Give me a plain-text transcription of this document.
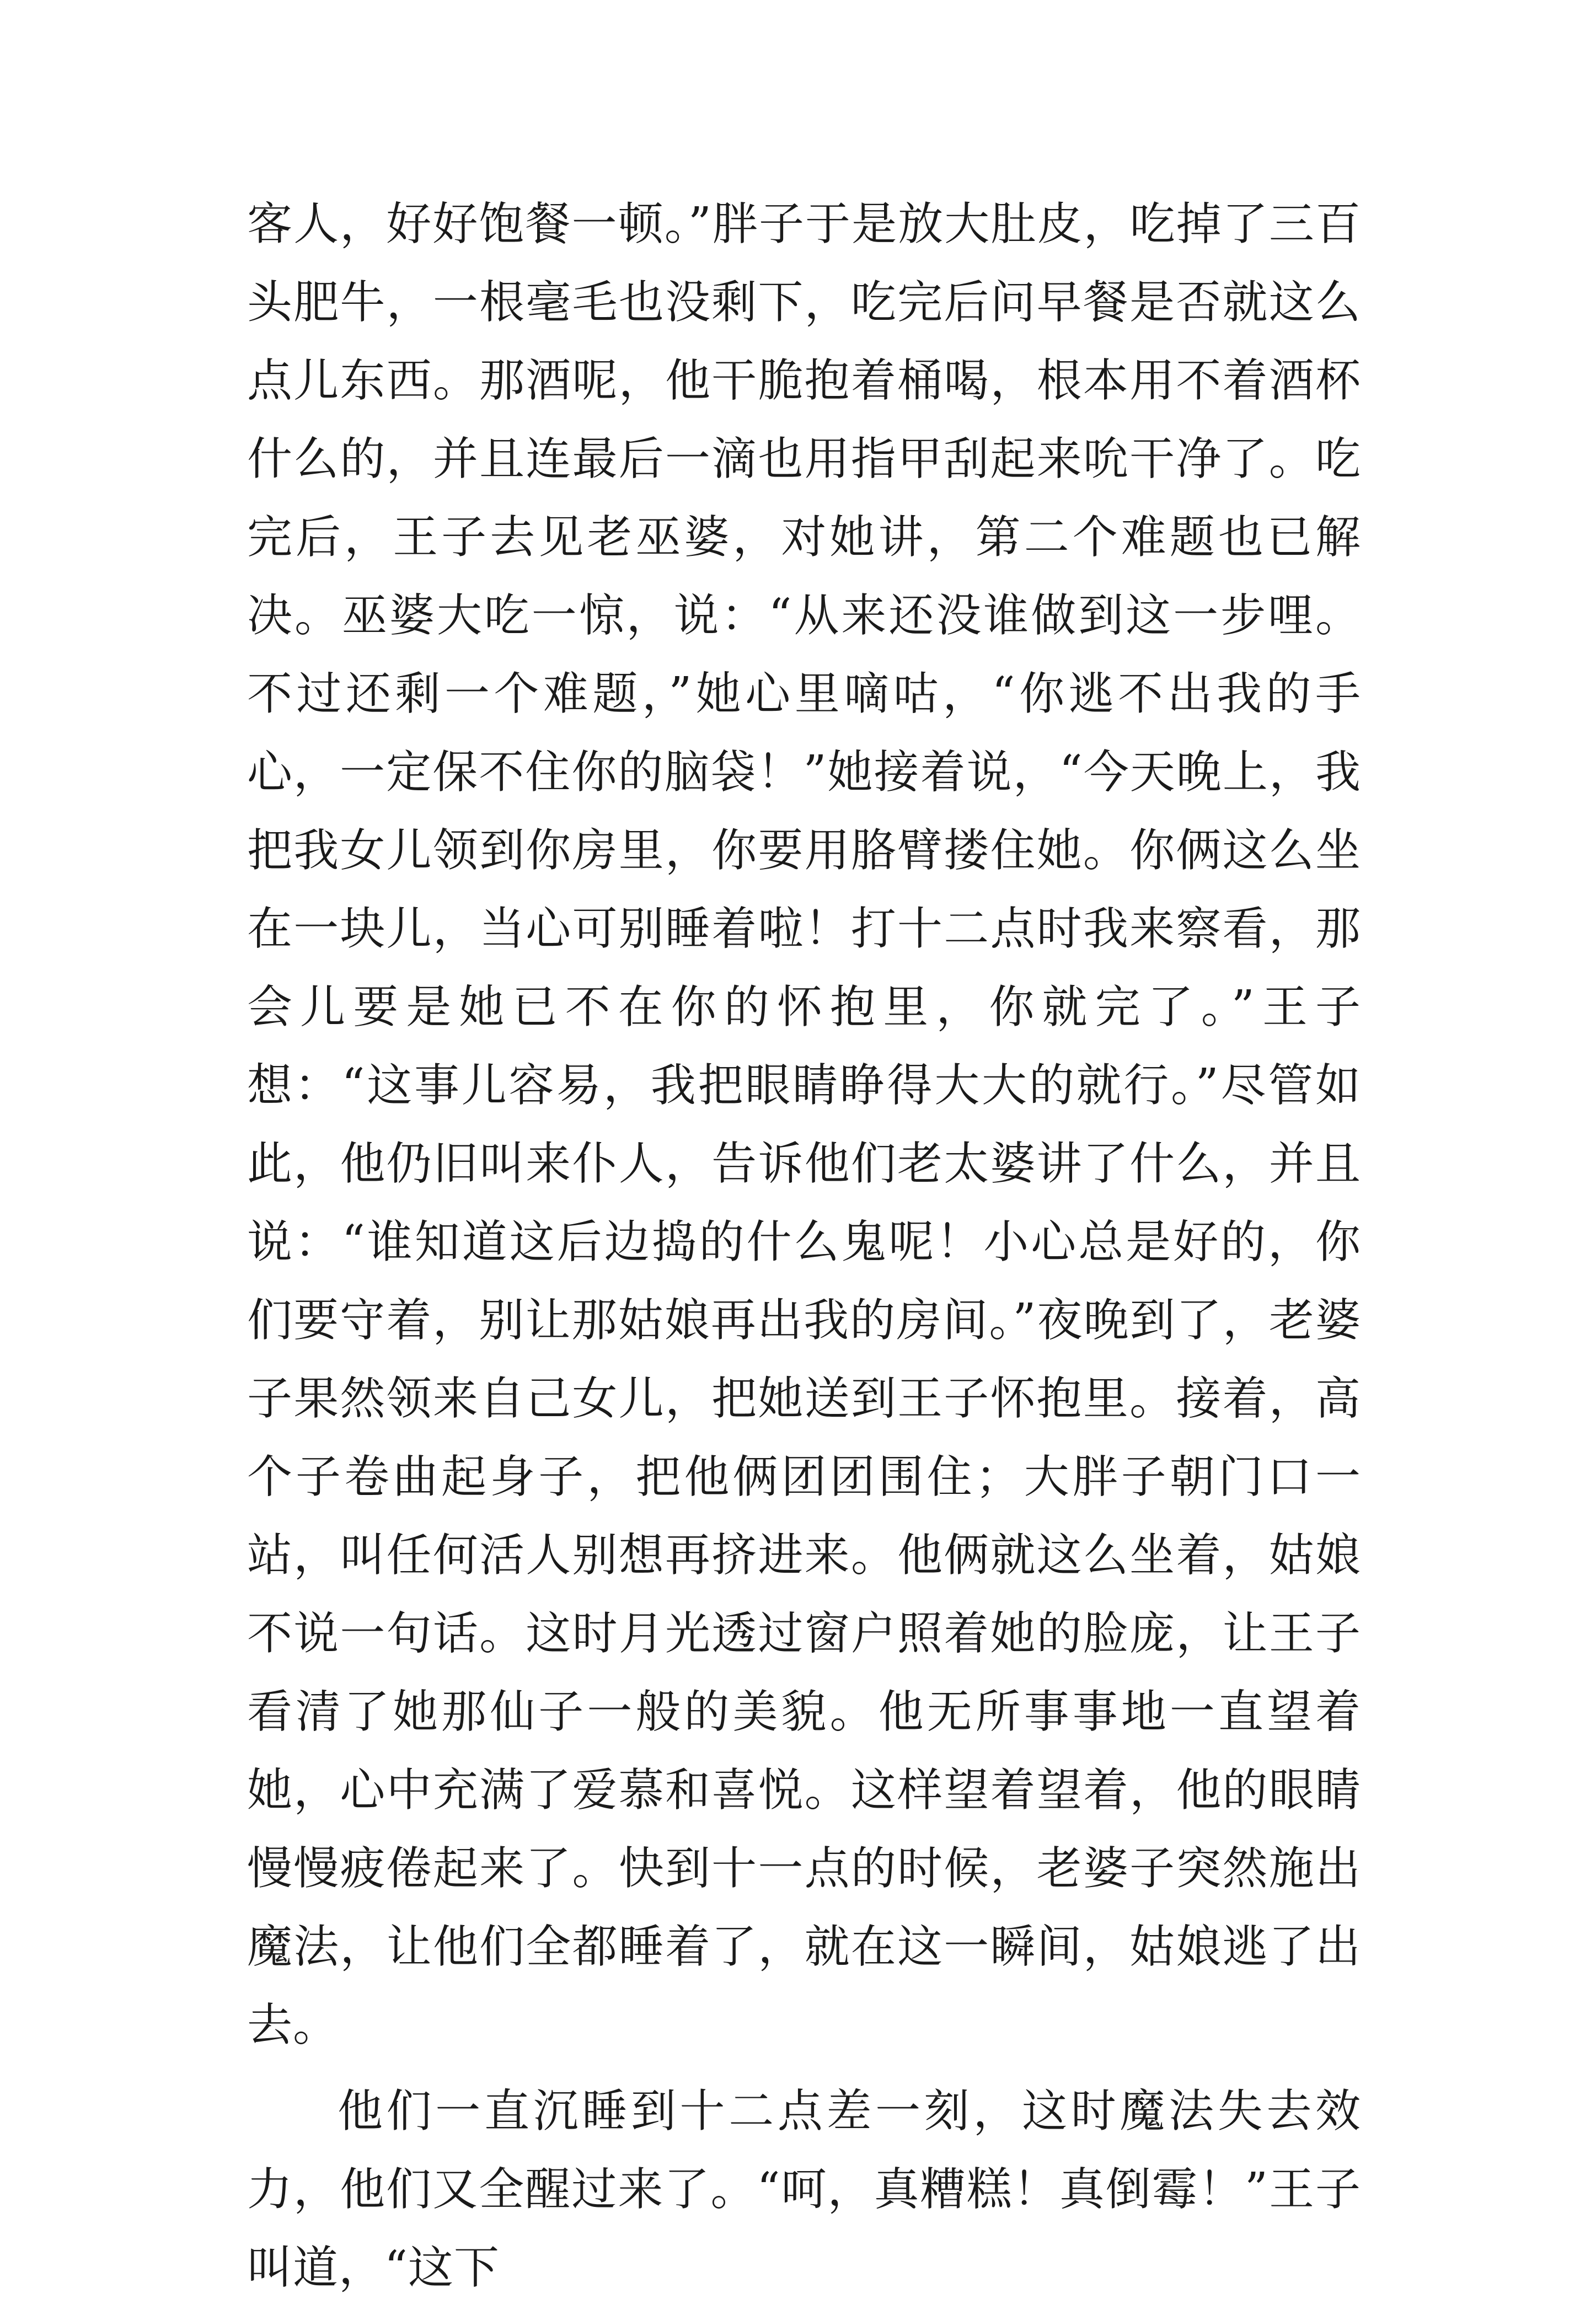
客人，好好饱餐一顿。”胖子于是放大肚皮，吃掉了三百头肥牛，一根毫毛也没剩下，吃完后问早餐是否就这么点儿东西。那酒呢，他干脆抱着桶喝，根本用不着酒杯什么的，并且连最后一滴也用指甲刮起来吮干净了。吃完后，王子去见老巫婆，对她讲，第二个难题也已解决。巫婆大吃一惊，说：“从来还没谁做到这一步哩。不过还剩一个难题，”她心里嘀咕，“你逃不出我的手心，一定保不住你的脑袋！”她接着说，“今天晚上，我把我女儿领到你房里，你要用胳臂搂住她。你俩这么坐在一块儿，当心可别睡着啦！打十二点时我来察看，那会儿要是她已不在你的怀抱里，你就完了。”王子想：“这事儿容易，我把眼睛睁得大大的就行。”尽管如此，他仍旧叫来仆人，告诉他们老太婆讲了什么，并且说：“谁知道这后边捣的什么鬼呢！小心总是好的，你们要守着，别让那姑娘再出我的房间。”夜晚到了，老婆子果然领来自己女儿，把她送到王子怀抱里。接着，高个子卷曲起身子，把他俩团团围住；大胖子朝门口一站，叫任何活人别想再挤进来。他俩就这么坐着，姑娘不说一句话。这时月光透过窗户照着她的脸庞，让王子看清了她那仙子一般的美貌。他无所事事地一直望着她，心中充满了爱慕和喜悦。这样望着望着，他的眼睛慢慢疲倦起来了。快到十一点的时候，老婆子突然施出魔法，让他们全都睡着了，就在这一瞬间，姑娘逃了出去。

他们一直沉睡到十二点差一刻，这时魔法失去效力，他们又全醒过来了。“呵，真糟糕！真倒霉！”王子叫道，“这下
